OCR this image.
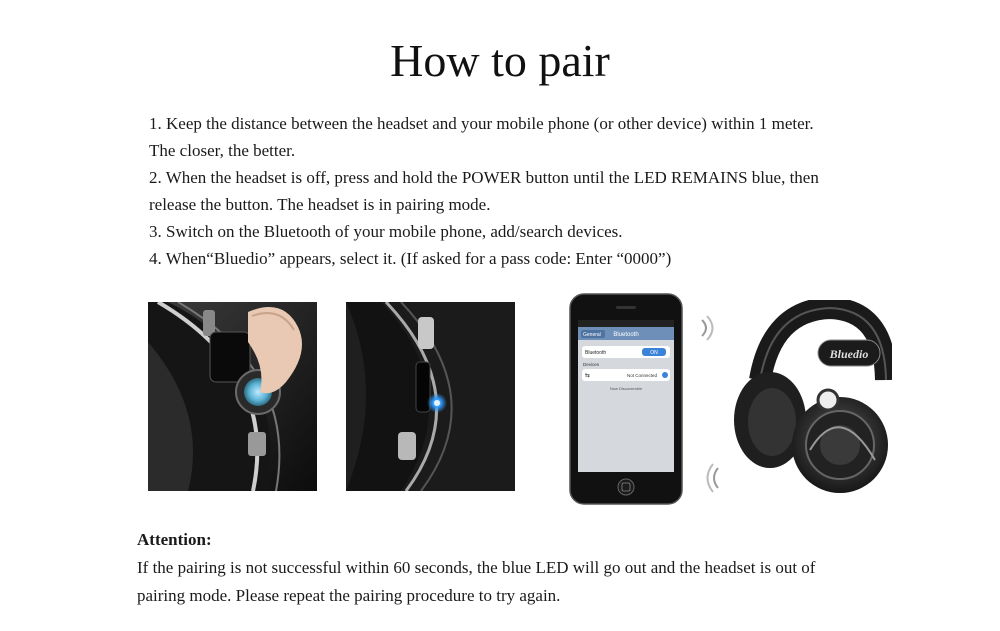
How to pair

1. Keep the distance between the headset and your mobile phone (or other device) within 1 meter.

The closer, the better.

2. When the headset is off, press and hold the POWER button until the LED REMAINS blue, then

release the button. The headset is in pairing mode.

3. Switch on the Bluetooth of your mobile phone, add/search devices.

4. When“Bluedio” appears, select it. (If asked for a pass code: Enter “0000”)

General Bluetooth
Bluetooth	ON
Devices
⇆	Not Connected
Now Discoverable
Bluedio

Attention:

If the pairing is not successful within 60 seconds, the blue LED will go out and the headset is out of

pairing mode. Please repeat the pairing procedure to try again.
